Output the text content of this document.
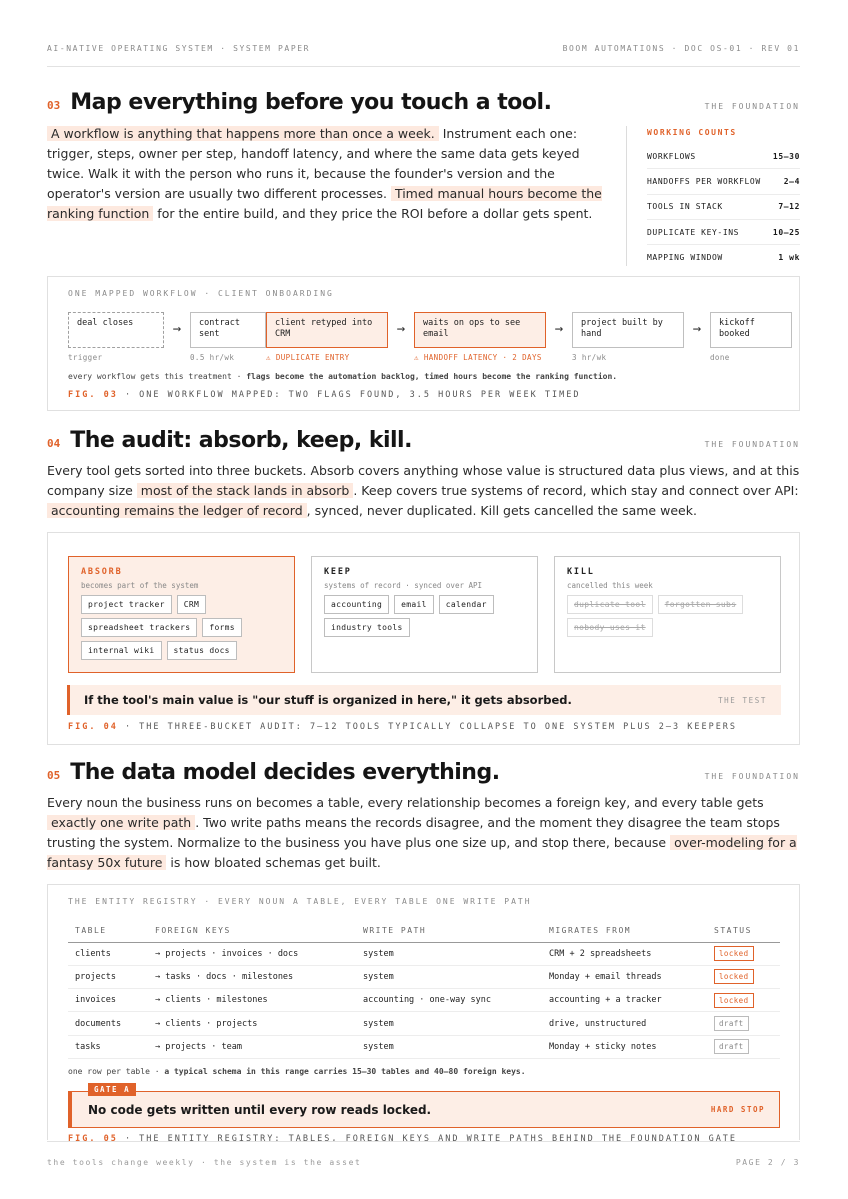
AI-NATIVE OPERATING SYSTEM · SYSTEM PAPER	BOOM AUTOMATIONS · DOC OS-01 · REV 01
03 Map everything before you touch a tool.	THE FOUNDATION

A workflow is anything that happens more than once a week. Instrument each one: trigger, steps, owner per step, handoff latency, and where the same data gets keyed twice. Walk it with the person who runs it, because the founder's version and the operator's version are usually two different processes. Timed manual hours become the ranking function for the entire build, and they price the ROI before a dollar gets spent.

WORKING COUNTS
WORKFLOWS	15–30
HANDOFFS PER WORKFLOW	2–4
TOOLS IN STACK	7–12
DUPLICATE KEY-INS	10–25
MAPPING WINDOW	1 wk
ONE MAPPED WORKFLOW · CLIENT ONBOARDING
deal closes
trigger
→	contract sent
0.5 hr/wk
client retyped into CRM
⚠ DUPLICATE ENTRY
→	waits on ops to see email
⚠ HANDOFF LATENCY · 2 DAYS
→	project built by hand
3 hr/wk
→	kickoff booked
done
every workflow gets this treatment · flags become the automation backlog, timed hours become the ranking function.
FIG. 03 · ONE WORKFLOW MAPPED: TWO FLAGS FOUND, 3.5 HOURS PER WEEK TIMED
04 The audit: absorb, keep, kill.	THE FOUNDATION

Every tool gets sorted into three buckets. Absorb covers anything whose value is structured data plus views, and at this company size most of the stack lands in absorb . Keep covers true systems of record, which stay and connect over API: accounting remains the ledger of record , synced, never duplicated. Kill gets cancelled the same week.

ABSORB
becomes part of the system
project tracker	CRM
spreadsheet trackers	forms
internal wiki	status docs
KEEP
systems of record · synced over API
accounting	email	calendar
industry tools
KILL
cancelled this week
duplicate tool	forgotten subs
nobody uses it
If the tool's main value is "our stuff is organized in here," it gets absorbed.	THE TEST
FIG. 04 · THE THREE-BUCKET AUDIT: 7–12 TOOLS TYPICALLY COLLAPSE TO ONE SYSTEM PLUS 2–3 KEEPERS
05 The data model decides everything.	THE FOUNDATION

Every noun the business runs on becomes a table, every relationship becomes a foreign key, and every table gets exactly one write path . Two write paths means the records disagree, and the moment they disagree the team stops trusting the system. Normalize to the business you have plus one size up, and stop there, because over-modeling for a fantasy 50x future is how bloated schemas get built.

THE ENTITY REGISTRY · EVERY NOUN A TABLE, EVERY TABLE ONE WRITE PATH
TABLE	FOREIGN KEYS	WRITE PATH	MIGRATES FROM	STATUS
clients	→ projects · invoices · docs	system	CRM + 2 spreadsheets	locked
projects	→ tasks · docs · milestones	system	Monday + email threads	locked
invoices	→ clients · milestones	accounting · one-way sync	accounting + a tracker	locked
documents	→ clients · projects	system	drive, unstructured	draft
tasks	→ projects · team	system	Monday + sticky notes	draft
one row per table · a typical schema in this range carries 15–30 tables and 40–80 foreign keys.
GATE A
No code gets written until every row reads locked.	HARD STOP
FIG. 05 · THE ENTITY REGISTRY: TABLES, FOREIGN KEYS AND WRITE PATHS BEHIND THE FOUNDATION GATE
the tools change weekly · the system is the asset	PAGE 2 / 3
